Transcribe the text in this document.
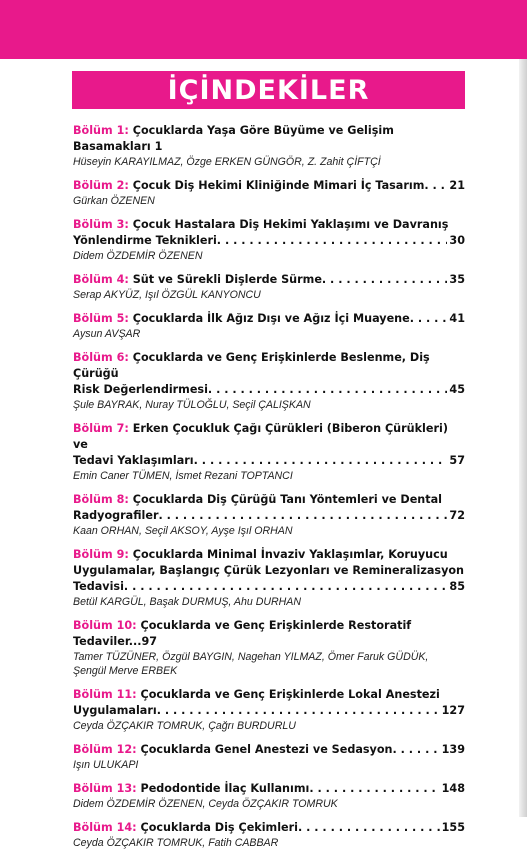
İÇİNDEKİLER
Bölüm 1: Çocuklarda Yaşa Göre Büyüme ve Gelişim Basamakları 1
Hüseyin KARAYILMAZ, Özge ERKEN GÜNGÖR, Z. Zahit ÇİFTÇİ
Bölüm 2: Çocuk Diş Hekimi Kliniğinde Mimari İç Tasarım . . . 21
Gürkan ÖZENEN
Bölüm 3: Çocuk Hastalara Diş Hekimi Yaklaşımı ve Davranış
Yönlendirme Teknikleri . . .	30
Didem ÖZDEMİR ÖZENEN
Bölüm 4: Süt ve Sürekli Dişlerde Sürme . . .	35
Serap AKYÜZ, Işıl ÖZGÜL KANYONCU
Bölüm 5: Çocuklarda İlk Ağız Dışı ve Ağız İçi Muayene . . .	41
Aysun AVŞAR
Bölüm 6: Çocuklarda ve Genç Erişkinlerde Beslenme, Diş Çürüğü
Risk Değerlendirmesi . . .	45
Şule BAYRAK, Nuray TÜLOĞLU, Seçil ÇALIŞKAN
Bölüm 7: Erken Çocukluk Çağı Çürükleri (Biberon Çürükleri) ve
Tedavi Yaklaşımları . . .	57
Emin Caner TÜMEN, İsmet Rezani TOPTANCI
Bölüm 8: Çocuklarda Diş Çürüğü Tanı Yöntemleri ve Dental
Radyografiler . . .	72
Kaan ORHAN, Seçil AKSOY, Ayşe Işıl ORHAN
Bölüm 9: Çocuklarda Minimal İnvaziv Yaklaşımlar, Koruyucu
Uygulamalar, Başlangıç Çürük Lezyonları ve Remineralizasyon
Tedavisi . . .	85
Betül KARGÜL, Başak DURMUŞ, Ahu DURHAN
Bölüm 10: Çocuklarda ve Genç Erişkinlerde Restoratif Tedaviler...97
Tamer TÜZÜNER, Özgül BAYGIN, Nagehan YILMAZ, Ömer Faruk GÜDÜK,
Şengül Merve ERBEK
Bölüm 11: Çocuklarda ve Genç Erişkinlerde Lokal Anestezi
Uygulamaları . . .	127
Ceyda ÖZÇAKIR TOMRUK, Çağrı BURDURLU
Bölüm 12: Çocuklarda Genel Anestezi ve Sedasyon . . .	139
Işın ULUKAPI
Bölüm 13: Pedodontide İlaç Kullanımı . . .	148
Didem ÖZDEMİR ÖZENEN, Ceyda ÖZÇAKIR TOMRUK
Bölüm 14: Çocuklarda Diş Çekimleri . . .	155
Ceyda ÖZÇAKIR TOMRUK, Fatih CABBAR
